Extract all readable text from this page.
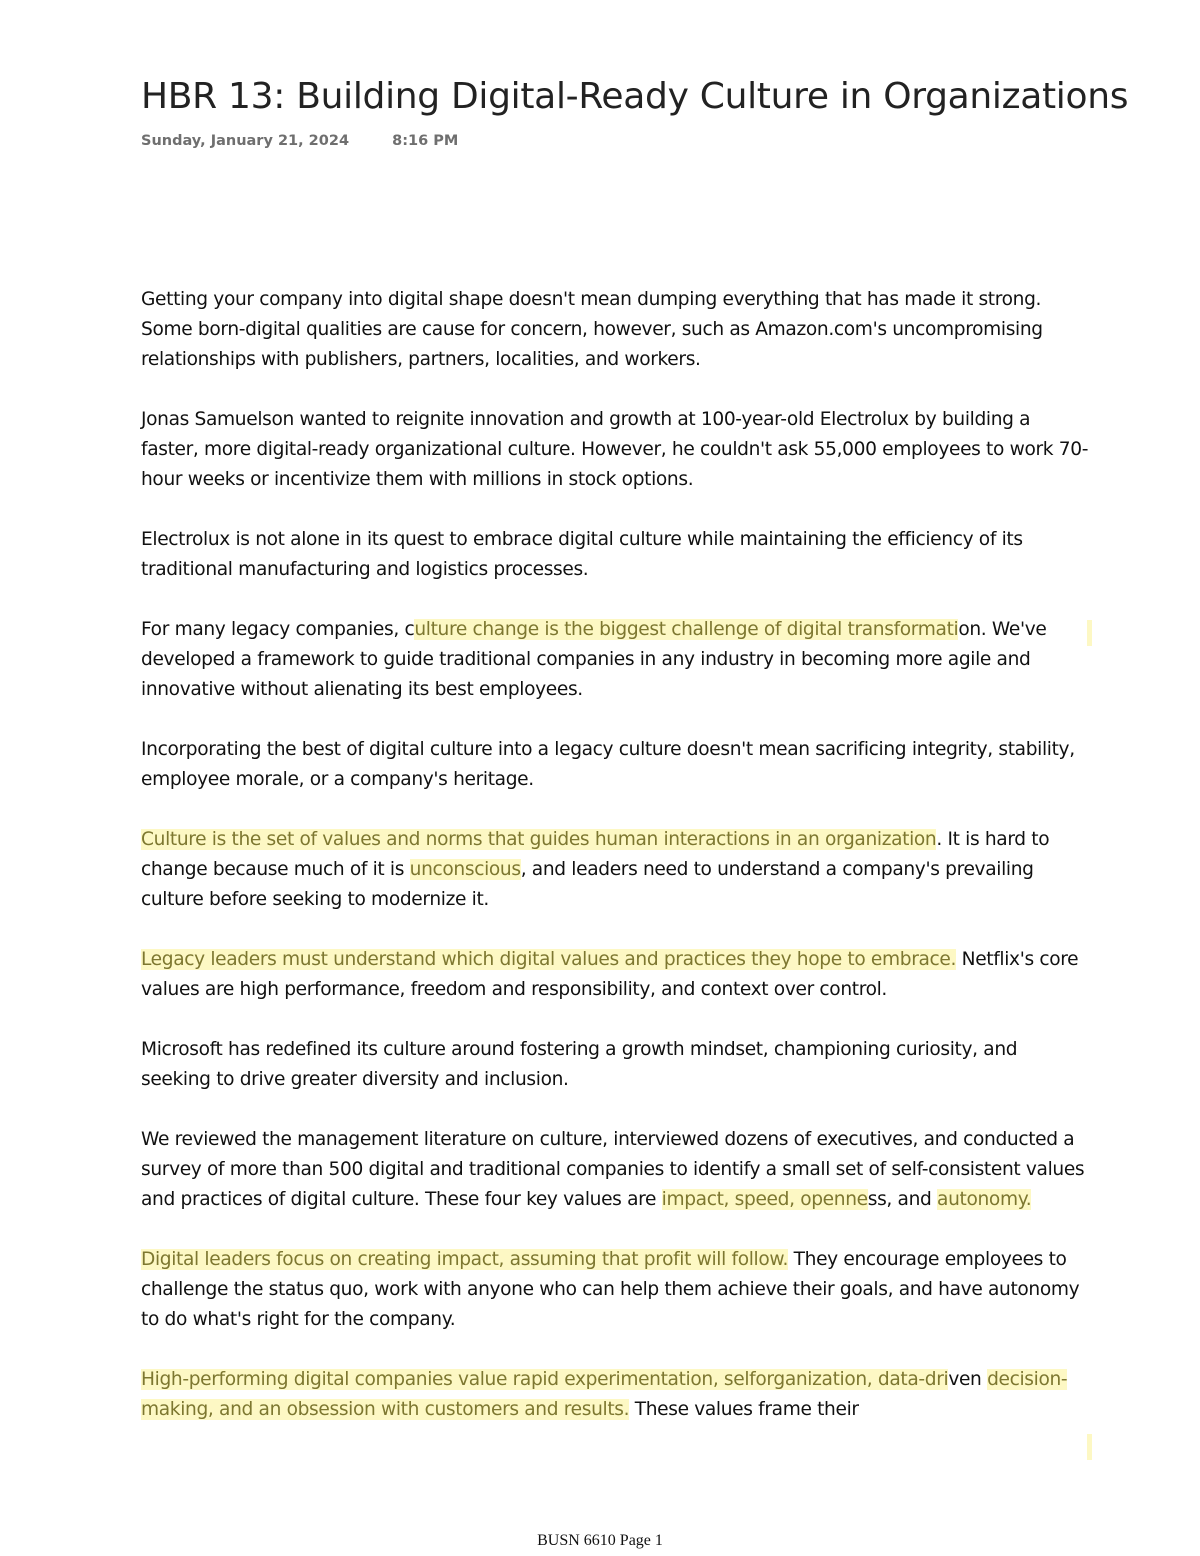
HBR 13: Building Digital-Ready Culture in Organizations
Sunday, January 21, 2024	8:16 PM

Getting your company into digital shape doesn't mean dumping everything that has made it strong. Some born-digital qualities are cause for concern, however, such as Amazon.com's uncompromising relationships with publishers, partners, localities, and workers.

Jonas Samuelson wanted to reignite innovation and growth at 100-year-old Electrolux by building a faster, more digital-ready organizational culture. However, he couldn't ask 55,000 employees to work 70-hour weeks or incentivize them with millions in stock options.

Electrolux is not alone in its quest to embrace digital culture while maintaining the efficiency of its traditional manufacturing and logistics processes.

For many legacy companies, culture change is the biggest challenge of digital transformation. We've developed a framework to guide traditional companies in any industry in becoming more agile and innovative without alienating its best employees.

Incorporating the best of digital culture into a legacy culture doesn't mean sacrificing integrity, stability, employee morale, or a company's heritage.

Culture is the set of values and norms that guides human interactions in an organization. It is hard to change because much of it is unconscious, and leaders need to understand a company's prevailing culture before seeking to modernize it.

Legacy leaders must understand which digital values and practices they hope to embrace. Netflix's core values are high performance, freedom and responsibility, and context over control.

Microsoft has redefined its culture around fostering a growth mindset, championing curiosity, and seeking to drive greater diversity and inclusion.

We reviewed the management literature on culture, interviewed dozens of executives, and conducted a survey of more than 500 digital and traditional companies to identify a small set of self-consistent values and practices of digital culture. These four key values are impact, speed, openness, and autonomy.

Digital leaders focus on creating impact, assuming that profit will follow. They encourage employees to challenge the status quo, work with anyone who can help them achieve their goals, and have autonomy to do what's right for the company.

High-performing digital companies value rapid experimentation, selforganization, data-driven decision-making, and an obsession with customers and results. These values frame their

BUSN 6610 Page 1
